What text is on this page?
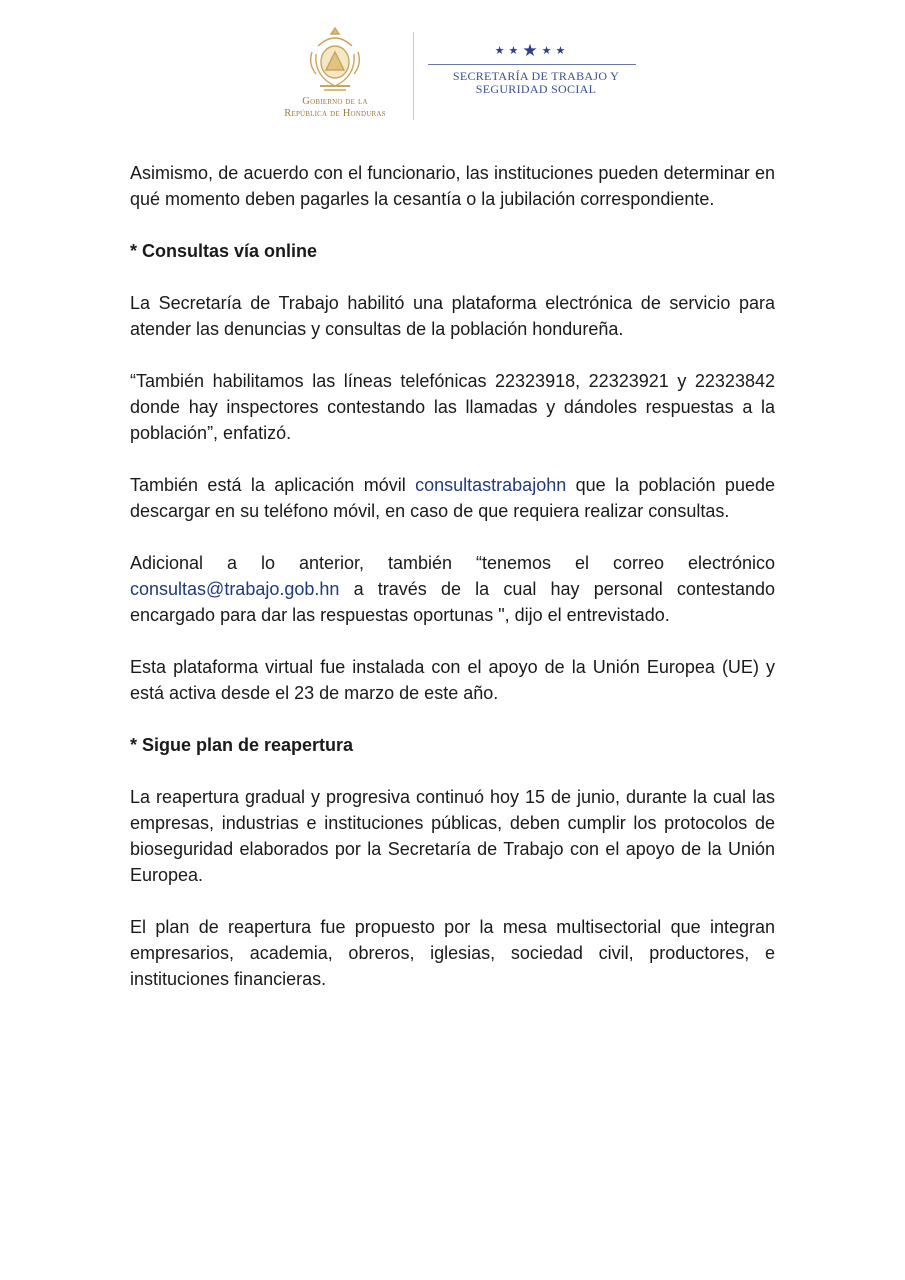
Gobierno de la
República de Honduras
★ ★ ★ ★ ★
SECRETARÍA DE TRABAJO Y
SEGURIDAD SOCIAL

Asimismo, de acuerdo con el funcionario, las instituciones pueden determinar en qué momento deben pagarles la cesantía o la jubilación correspondiente.

* Consultas vía online

La Secretaría de Trabajo habilitó una plataforma electrónica de servicio para atender las denuncias y consultas de la población hondureña.

“También habilitamos las líneas telefónicas 22323918, 22323921 y 22323842 donde hay inspectores contestando las llamadas y dándoles respuestas a la población”, enfatizó.

También está la aplicación móvil consultastrabajohn que la población puede descargar en su teléfono móvil, en caso de que requiera realizar consultas.

Adicional a lo anterior, también “tenemos el correo electrónico consultas@trabajo.gob.hn a través de la cual hay personal contestando encargado para dar las respuestas oportunas ", dijo el entrevistado.

Esta plataforma virtual fue instalada con el apoyo de la Unión Europea (UE) y está activa desde el 23 de marzo de este año.

* Sigue plan de reapertura

La reapertura gradual y progresiva continuó hoy 15 de junio, durante la cual las empresas, industrias e instituciones públicas, deben cumplir los protocolos de bioseguridad elaborados por la Secretaría de Trabajo con el apoyo de la Unión Europea.

El plan de reapertura fue propuesto por la mesa multisectorial que integran empresarios, academia, obreros, iglesias, sociedad civil, productores, e instituciones financieras.
